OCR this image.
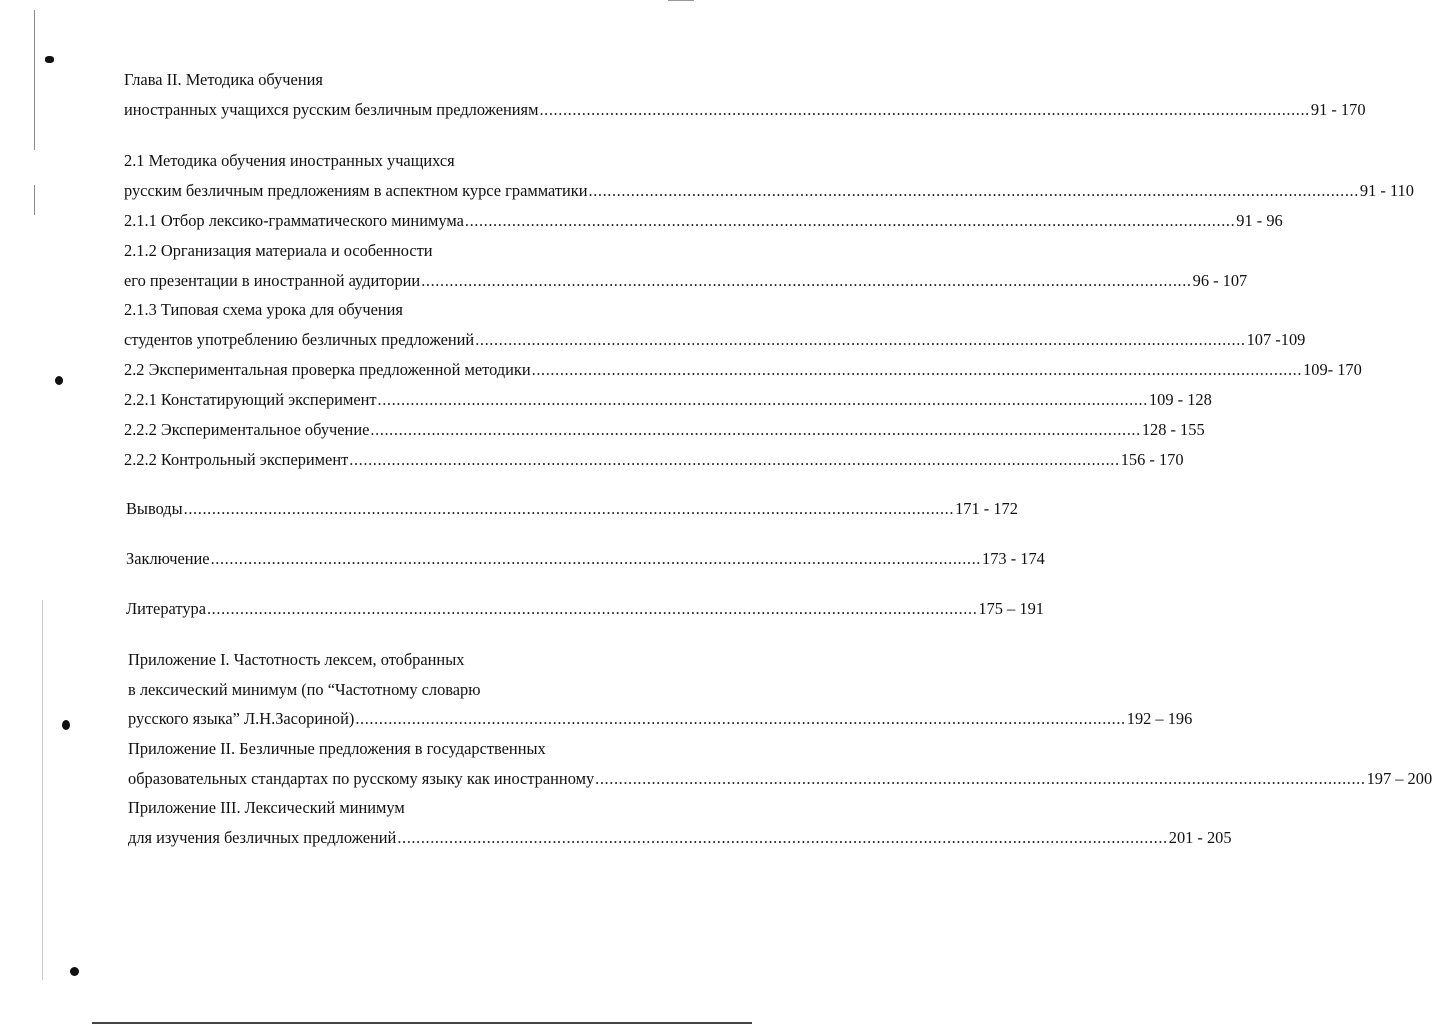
Глава II. Методика обучения
иностранных учащихся русским безличным предложениям .................................................................................................................................................................... 91 - 170
2.1 Методика обучения иностранных учащихся
русским безличным предложениям в аспектном курсе грамматики .................................................................................................................................................................... 91 - 110
2.1.1 Отбор лексико-грамматического минимума .................................................................................................................................................................... 91 - 96
2.1.2 Организация материала и особенности
его презентации в иностранной аудитории .................................................................................................................................................................... 96 - 107
2.1.3 Типовая схема урока для обучения
студентов употреблению безличных предложений .................................................................................................................................................................... 107 -109
2.2 Экспериментальная проверка предложенной методики .................................................................................................................................................................... 109- 170
2.2.1 Констатирующий эксперимент .................................................................................................................................................................... 109 - 128
2.2.2 Экспериментальное обучение .................................................................................................................................................................... 128 - 155
2.2.2 Контрольный эксперимент .................................................................................................................................................................... 156 - 170
Выводы .................................................................................................................................................................... 171 - 172
Заключение .................................................................................................................................................................... 173 - 174
Литература .................................................................................................................................................................... 175 – 191
Приложение I. Частотность лексем, отобранных
в лексический минимум (по “Частотному словарю
русского языка” Л.Н.Засориной) .................................................................................................................................................................... 192 – 196
Приложение II. Безличные предложения в государственных
образовательных стандартах по русскому языку как иностранному .................................................................................................................................................................... 197 – 200
Приложение III. Лексический минимум
для изучения безличных предложений .................................................................................................................................................................... 201 - 205
